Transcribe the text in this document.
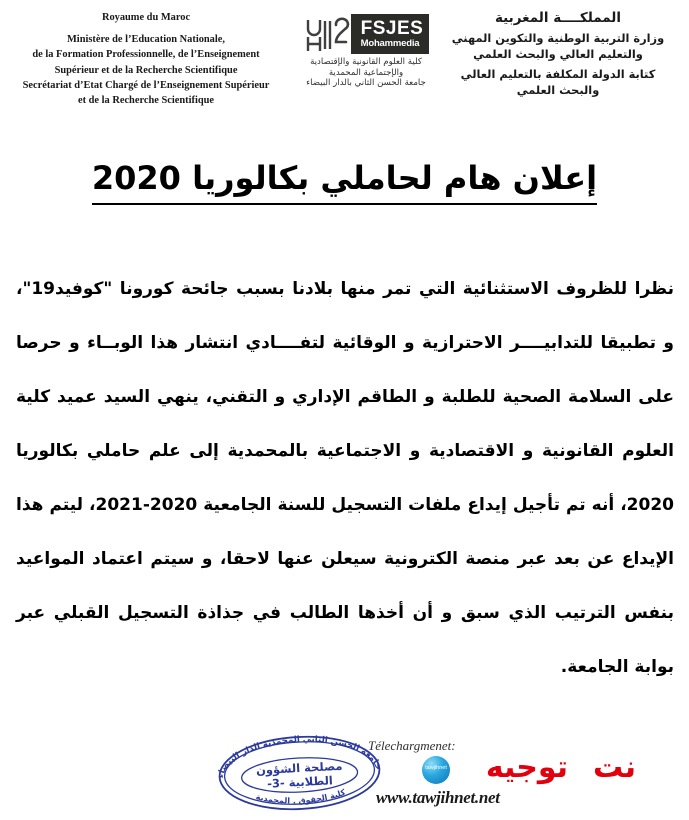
Royaume du Maroc
Ministère de l’Education Nationale,
de la Formation Professionnelle, de l’Enseignement
Supérieur et de la Recherche Scientifique
Secrétariat d’Etat Chargé de l’Enseignement Supérieur
et de la Recherche Scientifique
FSJES
Mohammedia
كلية العلوم القانونية والإقتصادية
والإجتماعية المحمدية
جامعة الحسن الثاني بالدار البيضاء
المملكــــة المغربية
وزارة التربية الوطنية والتكوين المهني
والتعليم العالي والبحث العلمي
كتابة الدولة المكلفة بالتعليم العالي
والبحث العلمي
إعلان هام لحاملي بكالوريا 2020

نظرا للظروف الاستثنائية التي تمر منها بلادنا بسبب جائحة كورونا "كوفيد19"، و تطبيقا للتدابيــــر الاحترازية و الوقائية لتفــــادي انتشار هذا الوبــاء و حرصا على السلامة الصحية للطلبة و الطاقم الإداري و التقني، ينهي السيد عميد كلية العلوم القانونية و الاقتصادية و الاجتماعية بالمحمدية إلى علم حاملي بكالوريا 2020، أنه تم تأجيل إيداع ملفات التسجيل للسنة الجامعية 2020-2021، ليتم هذا الإيداع عن بعد عبر منصة الكترونية سيعلن عنها لاحقا، و سيتم اعتماد المواعيد بنفس الترتيب الذي سبق و أن أخذها الطالب في جذاذة التسجيل القبلي عبر بوابة الجامعة.

جامعة الحسن الثاني المحمدية الدار البيضاء
كلية الحقوق . المحمدية
مصلحة الشؤون
الطلابية -3-
Télechargmenet:
نت
توجيه
tawjihnet
www.tawjihnet.net
